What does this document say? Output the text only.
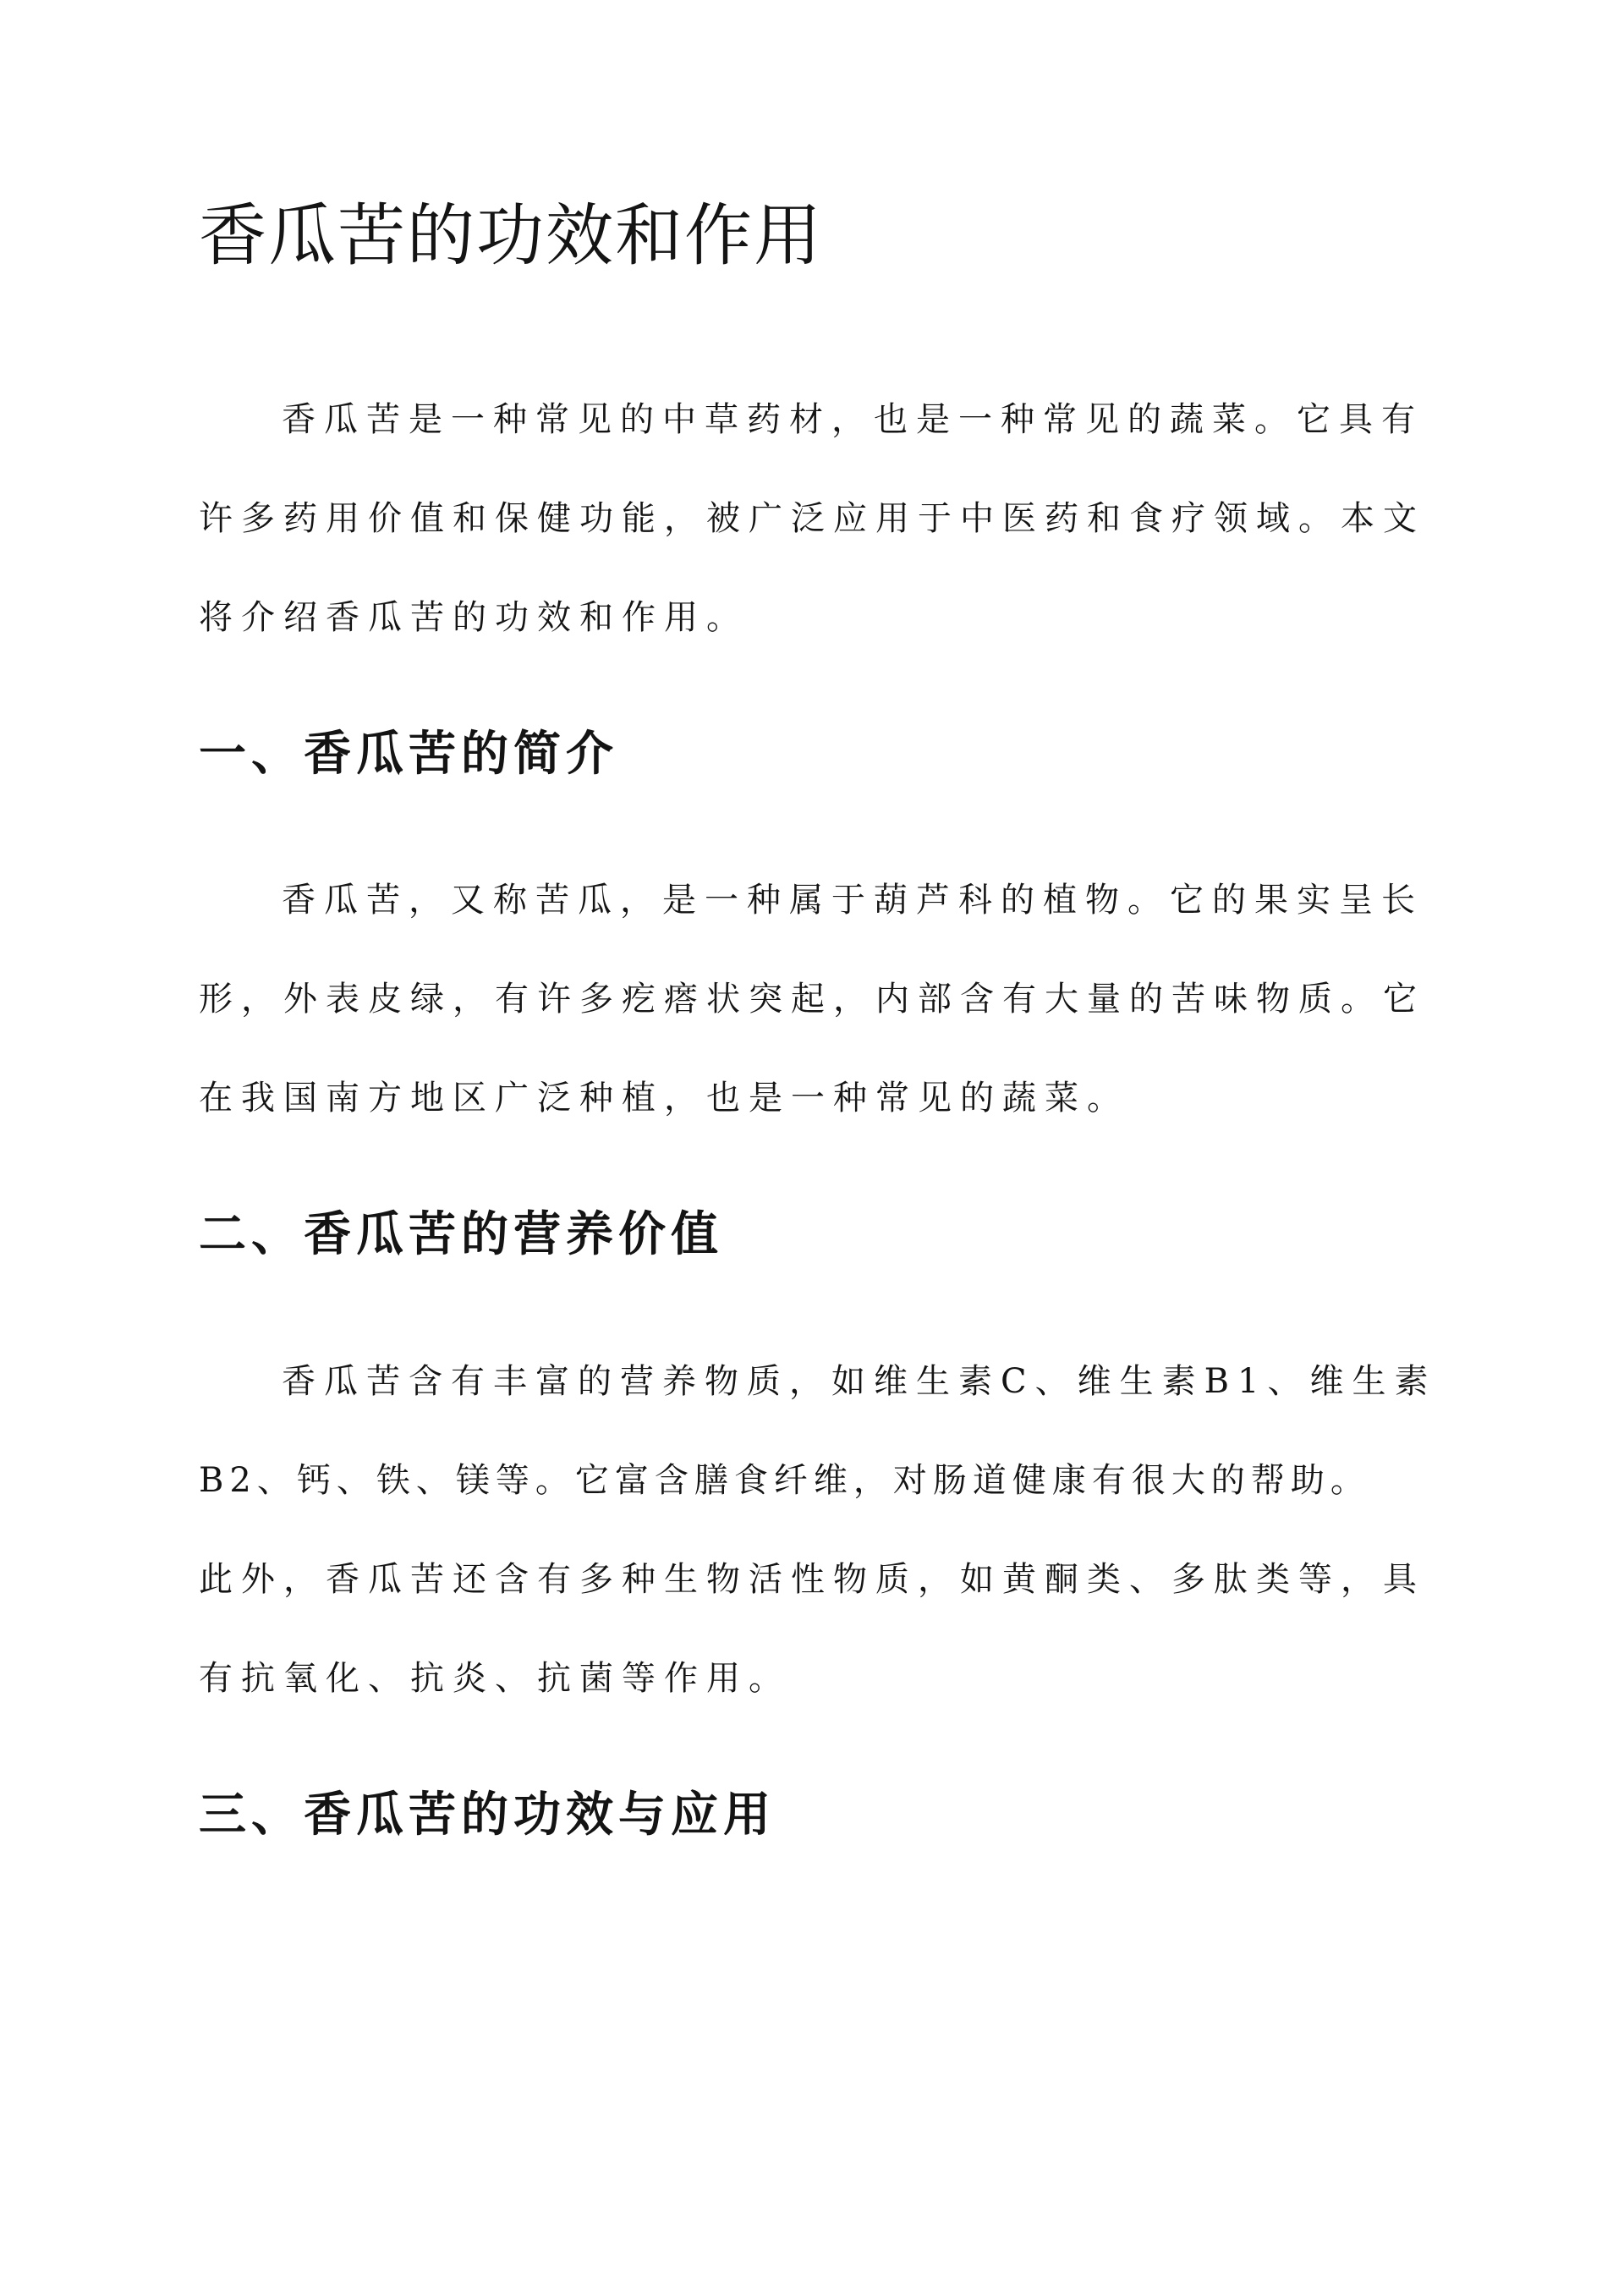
香瓜苦的功效和作用

香瓜苦是一种常见的中草药材，也是一种常见的蔬菜。它具有
许多药用价值和保健功能，被广泛应用于中医药和食疗领域。本文
将介绍香瓜苦的功效和作用。

一、香瓜苦的简介

香瓜苦，又称苦瓜，是一种属于葫芦科的植物。它的果实呈长
形，外表皮绿，有许多疙瘩状突起，内部含有大量的苦味物质。它
在我国南方地区广泛种植，也是一种常见的蔬菜。

二、香瓜苦的营养价值

香瓜苦含有丰富的营养物质，如维生素C、维生素B1、维生素
B2、钙、铁、镁等。它富含膳食纤维，对肠道健康有很大的帮助。
此外，香瓜苦还含有多种生物活性物质，如黄酮类、多肽类等，具
有抗氧化、抗炎、抗菌等作用。

三、香瓜苦的功效与应用
